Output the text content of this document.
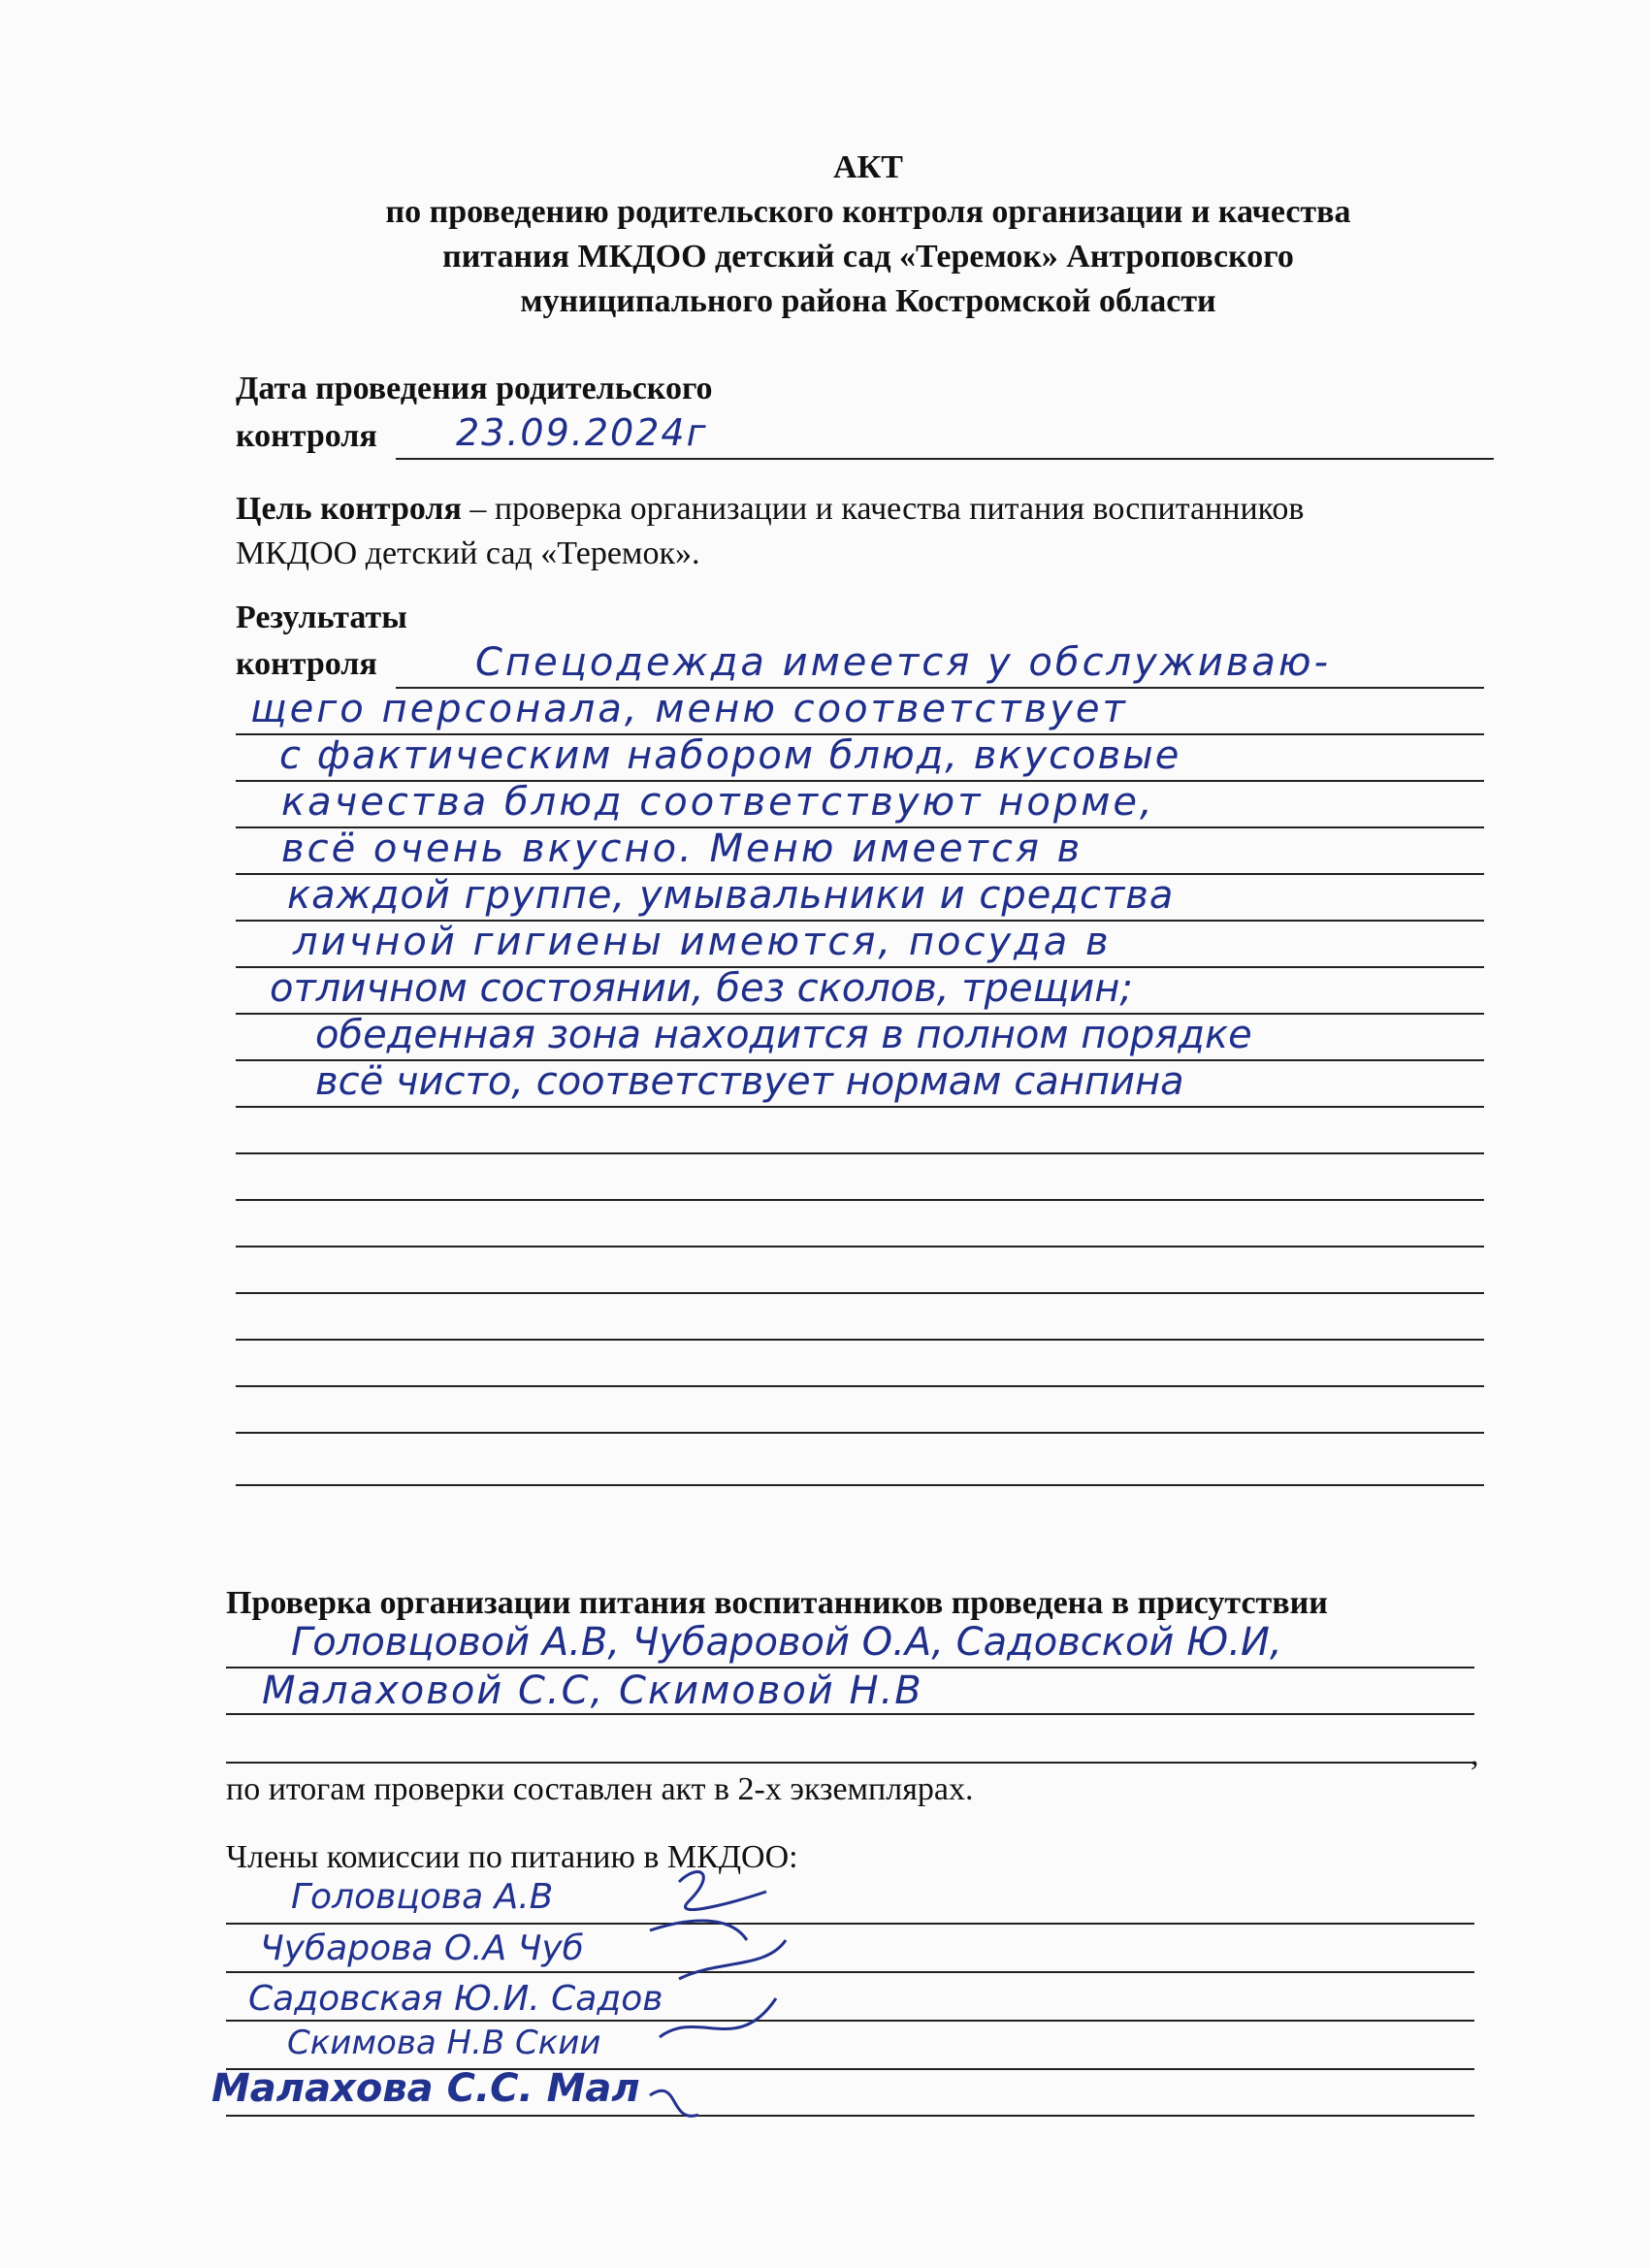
АКТ
по проведению родительского контроля организации и качества
питания МКДОО детский сад «Теремок» Антроповского
муниципального района Костромской области
Дата проведения родительского
контроля 23.09.2024г
Цель контроля – проверка организации и качества питания воспитанников
МКДОО детский сад «Теремок».
Результаты
контроля	Спецодежда имеется у обслуживаю-
щего персонала, меню соответствует
с фактическим набором блюд, вкусовые
качества блюд соответствуют норме,
всё очень вкусно. Меню имеется в
каждой группе, умывальники и средства
личной гигиены имеются, посуда в
отличном состоянии, без сколов, трещин;
обеденная зона находится в полном порядке
всё чисто, соответствует нормам санпина
Проверка организации питания воспитанников проведена в присутствии
,
Головцовой А.В, Чубаровой О.А, Садовской Ю.И,
Малаховой С.С, Скимовой Н.В
по итогам проверки составлен акт в 2-х экземплярах.
Члены комиссии по питанию в МКДОО:
Головцова А.В
Чубарова О.А Чуб
Садовская Ю.И. Садов
Скимова Н.В Скии
Малахова С.С. Мал
